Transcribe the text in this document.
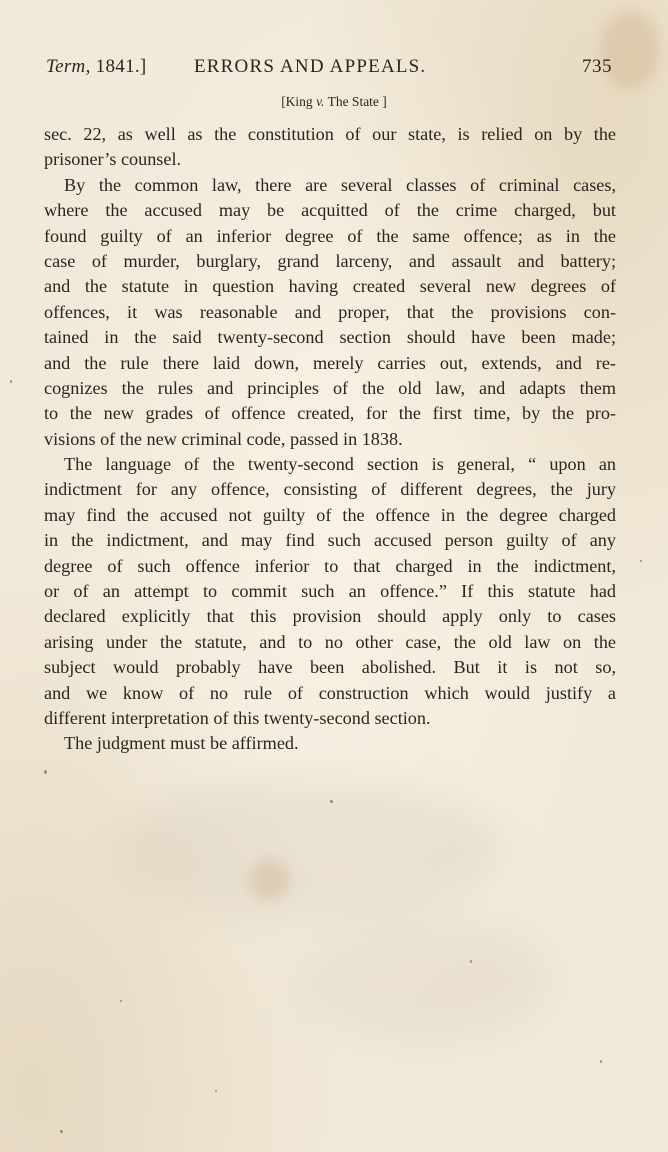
Term, 1841.] ERRORS AND APPEALS.	735
[King v. The State ]
sec. 22, as well as the constitution of our state, is relied on by the
prisoner’s counsel.
By the common law, there are several classes of criminal cases,
where the accused may be acquitted of the crime charged, but
found guilty of an inferior degree of the same offence; as in the
case of murder, burglary, grand larceny, and assault and battery;
and the statute in question having created several new degrees of
offences, it was reasonable and proper, that the provisions con-
tained in the said twenty-second section should have been made;
and the rule there laid down, merely carries out, extends, and re-
cognizes the rules and principles of the old law, and adapts them
to the new grades of offence created, for the first time, by the pro-
visions of the new criminal code, passed in 1838.
The language of the twenty-second section is general, “ upon an
indictment for any offence, consisting of different degrees, the jury
may find the accused not guilty of the offence in the degree charged
in the indictment, and may find such accused person guilty of any
degree of such offence inferior to that charged in the indictment,
or of an attempt to commit such an offence.” If this statute had
declared explicitly that this provision should apply only to cases
arising under the statute, and to no other case, the old law on the
subject would probably have been abolished. But it is not so,
and we know of no rule of construction which would justify a
different interpretation of this twenty-second section.
The judgment must be affirmed.
